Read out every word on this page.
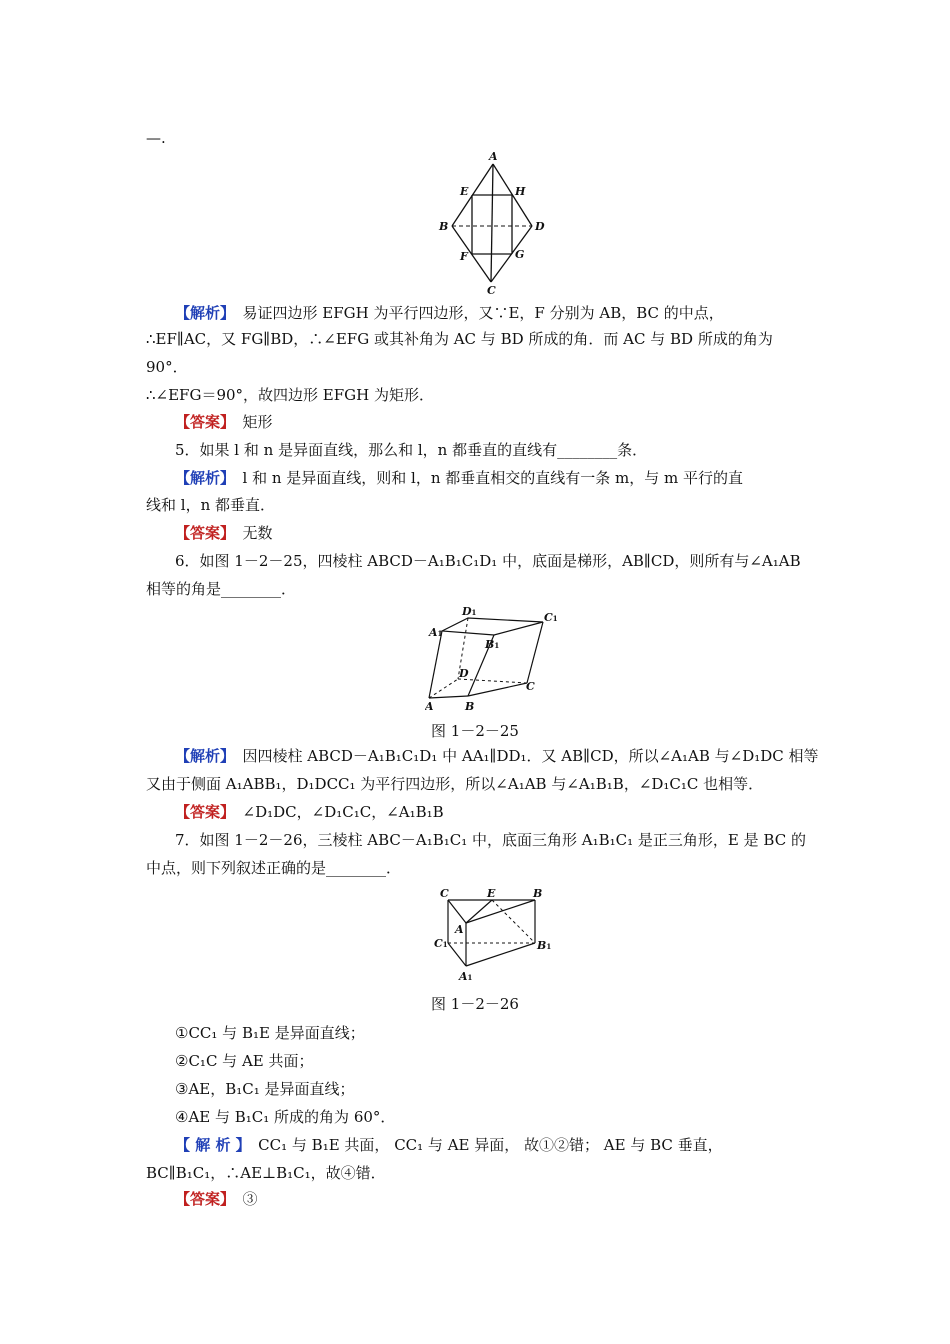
—.
A
E	H
B	D
F	G
C
【解析】　易证四边形 EFGH 为平行四边形，又∵E，F 分别为 AB，BC 的中点，
∴EF∥AC，又 FG∥BD，∴∠EFG 或其补角为 AC 与 BD 所成的角．而 AC 与 BD 所成的角为
90°．
∴∠EFG＝90°，故四边形 EFGH 为矩形．
【答案】　矩形
5．如果 l 和 n 是异面直线，那么和 l，n 都垂直的直线有________条．
【解析】　l 和 n 是异面直线，则和 l，n 都垂直相交的直线有一条 m，与 m 平行的直
线和 l，n 都垂直．
【答案】　无数
6．如图 1－2－25，四棱柱 ABCD－A₁B₁C₁D₁ 中，底面是梯形，AB∥CD，则所有与∠A₁AB
相等的角是________．
D1	C1
A1
B1
D
C
A	B
图 1－2－25
【解析】　因四棱柱 ABCD－A₁B₁C₁D₁ 中 AA₁∥DD₁．又 AB∥CD，所以∠A₁AB 与∠D₁DC 相等
又由于侧面 A₁ABB₁，D₁DCC₁ 为平行四边形，所以∠A₁AB 与∠A₁B₁B，∠D₁C₁C 也相等．
【答案】　∠D₁DC，∠D₁C₁C，∠A₁B₁B
7．如图 1－2－26，三棱柱 ABC－A₁B₁C₁ 中，底面三角形 A₁B₁C₁ 是正三角形，E 是 BC 的
中点，则下列叙述正确的是________．
C	E	B
A
C1	B1
A1
图 1－2－26
①CC₁ 与 B₁E 是异面直线；
②C₁C 与 AE 共面；
③AE，B₁C₁ 是异面直线；
④AE 与 B₁C₁ 所成的角为 60°．
【 解 析 】　CC₁ 与 B₁E 共面， CC₁ 与 AE 异面， 故①②错； AE 与 BC 垂直，
BC∥B₁C₁，∴AE⊥B₁C₁，故④错．
【答案】　③
